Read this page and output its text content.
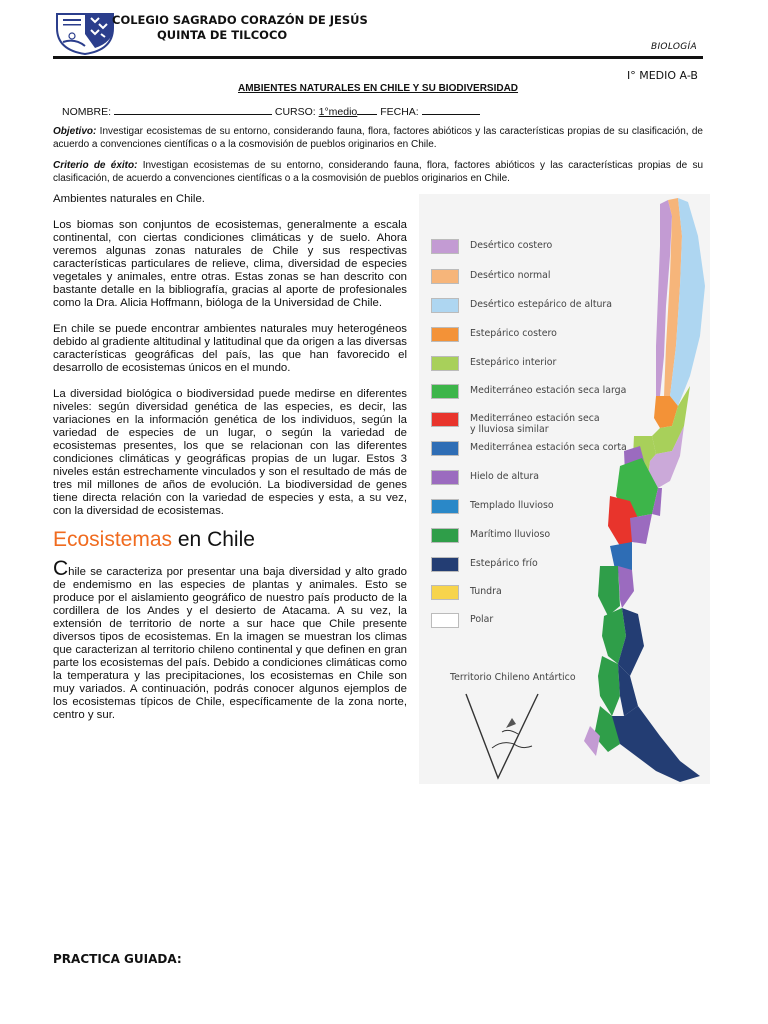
COLEGIO SAGRADO CORAZÓN DE JESÚS
QUINTA DE TILCOCO
BIOLOGÍA
I° MEDIO A-B
AMBIENTES NATURALES EN CHILE Y SU BIODIVERSIDAD
NOMBRE:	CURSO: 1°medio FECHA:
Objetivo: Investigar ecosistemas de su entorno, considerando fauna, flora, factores abióticos y las características propias de su clasificación, de acuerdo a convenciones científicas o a la cosmovisión de pueblos originarios en Chile.
Criterio de éxito: Investigan ecosistemas de su entorno, considerando fauna, flora, factores abióticos y las características propias de su clasificación, de acuerdo a convenciones científicas o a la cosmovisión de pueblos originarios en Chile.

Ambientes naturales en Chile.

Los biomas son conjuntos de ecosistemas, generalmente a escala continental, con ciertas condiciones climáticas y de suelo. Ahora veremos algunas zonas naturales de Chile y sus respectivas características particulares de relieve, clima, diversidad de especies vegetales y animales, entre otras. Estas zonas se han descrito con bastante detalle en la bibliografía, gracias al aporte de profesionales como la Dra. Alicia Hoffmann, bióloga de la Universidad de Chile.

En chile se puede encontrar ambientes naturales muy heterogéneos debido al gradiente altitudinal y latitudinal que da origen a las diversas características geográficas del país, las que han favorecido el desarrollo de ecosistemas únicos en el mundo.

La diversidad biológica o biodiversidad puede medirse en diferentes niveles: según diversidad genética de las especies, es decir, las variaciones en la información genética de los individuos, según la variedad de especies de un lugar, o según la variedad de ecosistemas presentes, los que se relacionan con las diferentes condiciones climáticas y geográficas propias de un lugar. Estos 3 niveles están estrechamente vinculados y son el resultado de más de tres mil millones de años de evolución. La biodiversidad de genes tiene directa relación con la variedad de especies y esta, a su vez, con la diversidad de ecosistemas.

Ecosistemas en Chile
Chile se caracteriza por presentar una baja diversidad y alto grado de endemismo en las especies de plantas y animales. Esto se produce por el aislamiento geográfico de nuestro país producto de la cordillera de los Andes y el desierto de Atacama. A su vez, la extensión de territorio de norte a sur hace que Chile presente diversos tipos de ecosistemas. En la imagen se muestran los climas que caracterizan al territorio chileno continental y que definen en gran parte los ecosistemas del país. Debido a condiciones climáticas como la temperatura y las precipitaciones, los ecosistemas en Chile son muy variados. A continuación, podrás conocer algunos ejemplos de los ecosistemas típicos de Chile, específicamente de la zona norte, centro y sur.
Desértico costero
Desértico normal
Desértico estepárico de altura
Estepárico costero
Estepárico interior
Mediterráneo estación seca larga
Mediterráneo estación seca
y lluviosa similar
Mediterránea estación seca corta
Hielo de altura
Templado lluvioso
Marítimo lluvioso
Estepárico frío
Tundra
Polar
Territorio Chileno Antártico
PRACTICA GUIADA:
